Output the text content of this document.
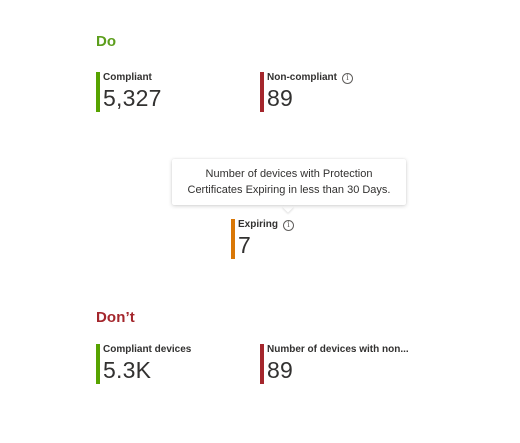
Do
Compliant
5,327
Non-compliant	i
89
Number of devices with Protection
Certificates Expiring in less than 30 Days.
Expiring	i
7
Don’t
Compliant devices
5.3K
Number of devices with non...
89
